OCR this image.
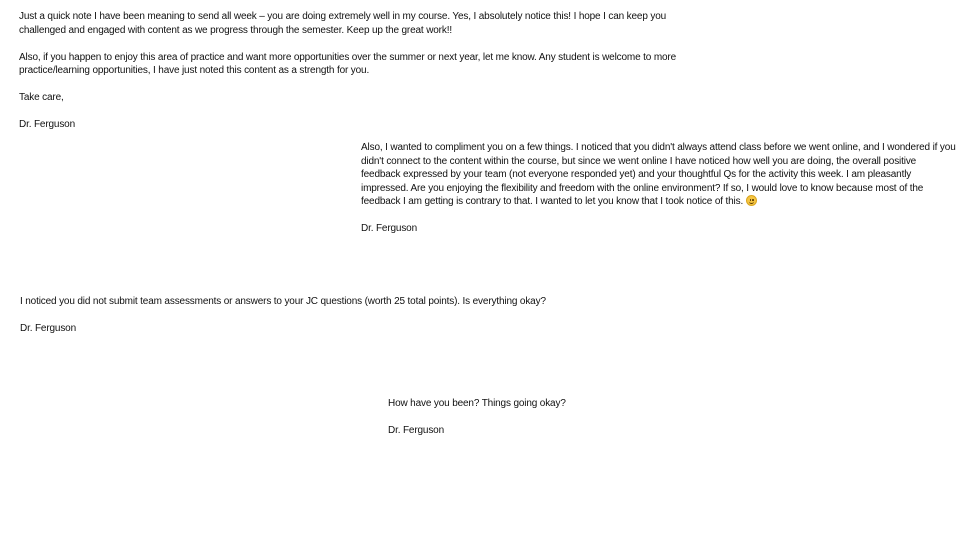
Just a quick note I have been meaning to send all week – you are doing extremely well in my course. Yes, I absolutely notice this! I hope I can keep you challenged and engaged with content as we progress through the semester. Keep up the great work!!

Also, if you happen to enjoy this area of practice and want more opportunities over the summer or next year, let me know. Any student is welcome to more practice/learning opportunities, I have just noted this content as a strength for you.

Take care,

Dr. Ferguson

Also, I wanted to compliment you on a few things. I noticed that you didn't always attend class before we went online, and I wondered if you didn't connect to the content within the course, but since we went online I have noticed how well you are doing, the overall positive feedback expressed by your team (not everyone responded yet) and your thoughtful Qs for the activity this week. I am pleasantly impressed. Are you enjoying the flexibility and freedom with the online environment? If so, I would love to know because most of the feedback I am getting is contrary to that. I wanted to let you know that I took notice of this.

Dr. Ferguson

I noticed you did not submit team assessments or answers to your JC questions (worth 25 total points). Is everything okay?

Dr. Ferguson

How have you been? Things going okay?

Dr. Ferguson
